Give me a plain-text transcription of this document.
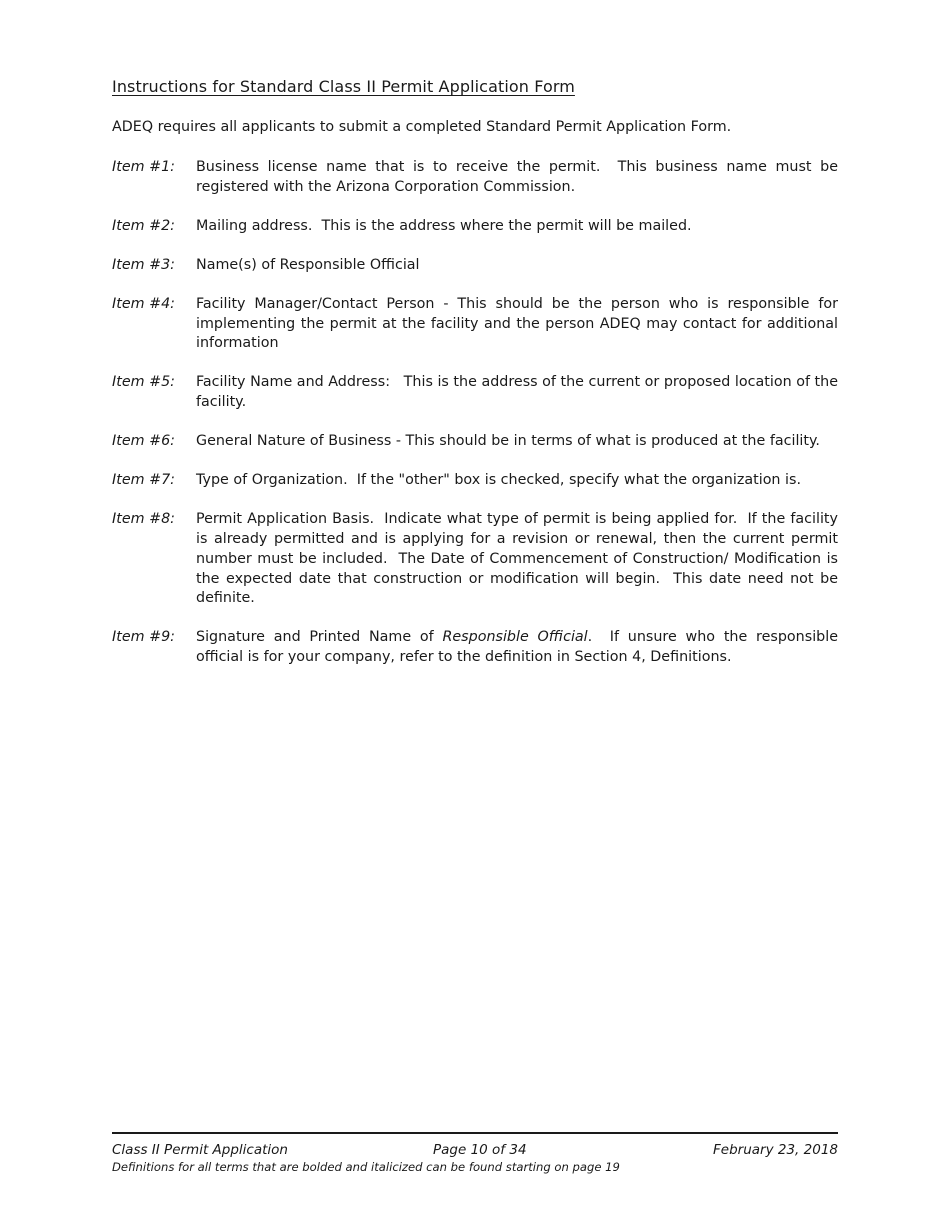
Instructions for Standard Class II Permit Application Form

ADEQ requires all applicants to submit a completed Standard Permit Application Form.

Item #1:	Business license name that is to receive the permit.  This business name must be registered with the Arizona Corporation Commission.
Item #2:	Mailing address.  This is the address where the permit will be mailed.
Item #3:	Name(s) of Responsible Official
Item #4:	Facility Manager/Contact Person - This should be the person who is responsible for implementing the permit at the facility and the person ADEQ may contact for additional information
Item #5:	Facility Name and Address:   This is the address of the current or proposed location of the facility.
Item #6:	General Nature of Business - This should be in terms of what is produced at the facility.
Item #7:	Type of Organization.  If the "other" box is checked, specify what the organization is.
Item #8:	Permit Application Basis.  Indicate what type of permit is being applied for.  If the facility is already permitted and is applying for a revision or renewal, then the current permit number must be included.  The Date of Commencement of Construction/ Modification is the expected date that construction or modification will begin.  This date need not be definite.
Item #9:	Signature and Printed Name of Responsible Official.  If unsure who the responsible official is for your company, refer to the definition in Section 4, Definitions.
Class II Permit Application	Page 10 of 34	February 23, 2018
Definitions for all terms that are bolded and italicized can be found starting on page 19
